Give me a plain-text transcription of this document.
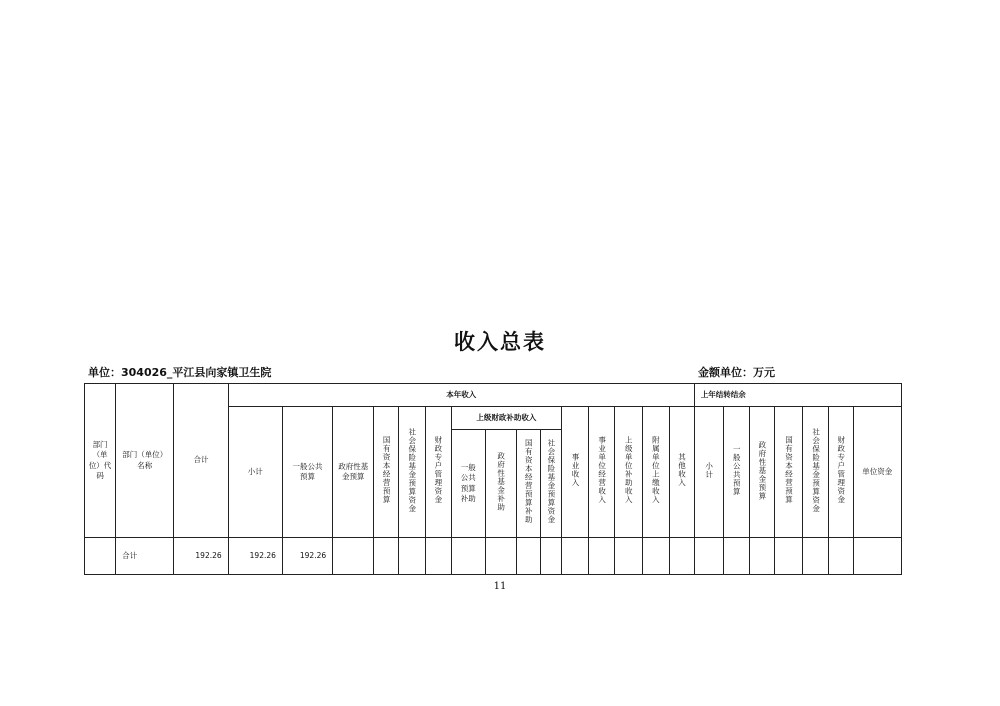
收入总表
单位：304026_平江县向家镇卫生院	金额单位：万元
部门（单位）代码	部门（单位）名称	合计	本年收入															上年结转结余						
			小计	一般公共预算	政府性基金预算	国有资本经营预算	社会保险基金预算资金	财政专户管理资金	上级财政补助收入				事业收入	事业单位经营收入	上级单位补助收入	附属单位上缴收入	其他收入	小计	一般公共预算	政府性基金预算	国有资本经营预算	社会保险基金预算资金	财政专户管理资金	单位资金
									一般公共预算补助	政府性基金补助	国有资本经营预算补助	社会保险基金预算资金												
	合计	192.26	192.26	192.26																				
11
